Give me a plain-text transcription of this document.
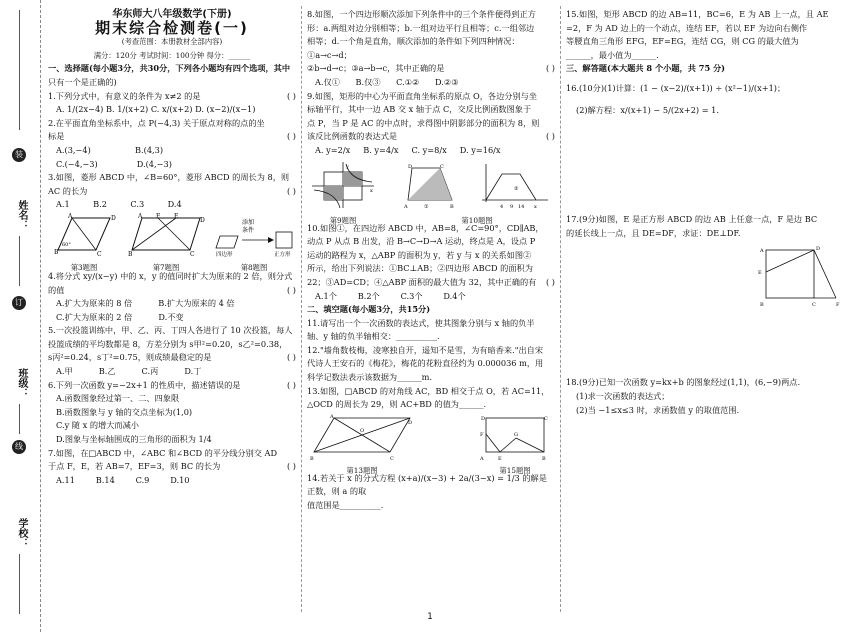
装
姓名：
订
班级：
线
学校：

华东师大八年级数学(下册)

期末综合检测卷(一)

(考查范围：本册教材全部内容)

满分：120分 考试时间：100分钟 得分：______

一、选择题(每小题3分，共30分，下列各小题均有四个选项，其中

只有一个是正确的)

1.下列分式中，有意义的条件为 x≠2 的是	( )

A. 1/(2x−4) B. 1/(x+2) C. x/(x+2) D. (x−2)/(x−1)

2.在平面直角坐标系中，点 P(−4,3) 关于原点对称的点的坐

标是	( )

A.(3,−4)                 B.(4,3)

C.(−4,−3)               D.(4,−3)

3.如图，菱形 ABCD 中，∠B=60°，菱形 ABCD 的周长为 8，则

AC 的长为	( )

A.1         B.2         C.3         D.4

A	D
B	C
60°
第3题图
A F E
D
B	C
第7题图
添加
条件
四边形	正方形
第8题图

4.将分式 xy/(x−y) 中的 x，y 的值同时扩大为原来的 2 倍，则分式

的值	( )

A.扩大为原来的 8 倍          B.扩大为原来的 4 倍

C.扩大为原来的 2 倍          D.不变

5.一次投篮训练中，甲、乙、丙、丁四人各进行了 10 次投篮，每人

投篮成绩的平均数都是 8，方差分别为 s甲²=0.20，s乙²=0.38，

s丙²=0.24，s丁²=0.75，则成绩最稳定的是	( )

A.甲          B.乙          C.丙          D.丁

6.下列一次函数 y=−2x+1 的性质中，描述错误的是	( )

A.函数图象经过第一、二、四象限

B.函数图象与 y 轴的交点坐标为(1,0)

C.y 随 x 的增大而减小

D.图象与坐标轴围成的三角形的面积为 1/4

7.如图，在□ABCD 中，∠ABC 和∠BCD 的平分线分别交 AD

于点 F，E，若 AB=7，EF=3，则 BC 的长为	( )

A.11        B.14        C.9        D.10

8.如图，一个四边形顺次添加下列条件中的三个条件便得到正方

形：a.两组对边分别相等；b.一组对边平行且相等；c.一组邻边

相等；d.一个角是直角，顺次添加的条件如下列四种情况：①a→c→d；

②b→d→c；③a→b→c，其中正确的是	( )

A.仅①      B.仅③      C.①②      D.②③

9.如图，矩形的中心为平面直角坐标系的原点 O，各边分别与坐

标轴平行，其中一边 AB 交 x 轴于点 C，交反比例函数图象于

点 P，当 P 是 AC 的中点时，求得图中阴影部分的面积为 8，则

该反比例函数的表达式是	( )

A. y=2/x     B. y=4/x     C. y=8/x     D. y=16/x

y
x
第9题图
A	B
D	C
①	4 9 14 x
②
第10题图

10.如图①，在四边形 ABCD 中，AB=8，∠C=90°，CD∥AB，

动点 P 从点 B 出发，沿 B→C→D→A 运动，终点是 A，设点 P

运动的路程为 x，△ABP 的面积为 y，若 y 与 x 的关系如图②

所示，给出下列说法：①BC⊥AB；②四边形 ABCD 的面积为

22；③AD=CD；④△ABP 面积的最大值为 32，其中正确的有 ( )

A.1个        B.2个        C.3个        D.4个

二、填空题(每小题3分，共15分)

11.请写出一个一次函数的表达式，使其图象分别与 x 轴的负半

轴、y 轴的负半轴相交：__________.

12."墙角数枝梅，凌寒独自开，遥知不是雪，为有暗香来."出自宋

代诗人王安石的《梅花》，梅花的花粉直径约为 0.000036 m，用

科学记数法表示该数据为______m.

13.如图，□ABCD 的对角线 AC，BD 相交于点 O，若 AC=11，

△OCD 的周长为 29，则 AC+BD 的值为______.

A
D
B	C
O
第13题图
D	C
F	G
A	E	B
第15题图

14.若关于 x 的分式方程 (x+a)/(x−3) + 2a/(3−x) = 1/3 的解是正数，则 a 的取

值范围是__________.

15.如图，矩形 ABCD 的边 AB=11，BC=6，E 为 AB 上一点，且 AE

=2，F 为 AD 边上的一个动点，连结 EF，若以 EF 为边向右侧作

等腰直角三角形 EFG，EF=EG，连结 CG，则 CG 的最大值为

______，最小值为______.

三、解答题(本大题共 8 个小题，共 75 分)

16.(10分)(1)计算：(1 − (x−2)/(x+1)) ÷ (x²−1)/(x+1)；

(2)解方程：x/(x+1) − 5/(2x+2) = 1.

17.(9分)如图，E 是正方形 ABCD 的边 AB 上任意一点，F 是边 BC

的延长线上一点，且 DE=DF，求证：DE⊥DF.

A	D
E
B	C	F

18.(9分)已知一次函数 y=kx+b 的图象经过(1,1)，(6,−9)两点.

(1)求一次函数的表达式；

(2)当 −1≤x≤3 时，求函数值 y 的取值范围.

1
